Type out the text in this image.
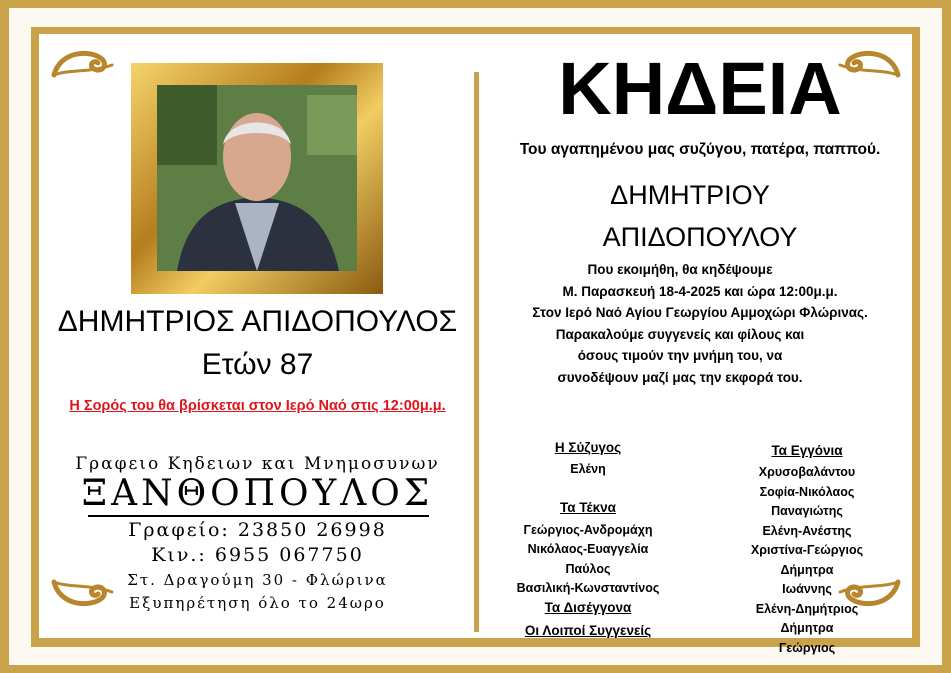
ΔΗΜΗΤΡΙΟΣ ΑΠΙΔΟΠΟΥΛΟΣ
Ετών 87
Η Σορός του θα βρίσκεται στον Ιερό Ναό στις 12:00μ.μ.
Γραφειο Κηδειων και Μνημοσυνων
ΞΑΝΘΟΠΟΥΛΟΣ
Γραφείο: 23850 26998
Κιν.: 6955 067750
Στ. Δραγούμη 30 - Φλώρινα
Εξυπηρέτηση όλο το 24ωρο
ΚΗΔΕΙΑ
Του αγαπημένου μας συζύγου, πατέρα, παππού.
ΔΗΜΗΤΡΙΟΥ
ΑΠΙΔΟΠΟΥΛΟΥ
Που εκοιμήθη, θα κηδέψουμε
Μ. Παρασκευή 18-4-2025 και ώρα 12:00μ.μ.
Στον Ιερό Ναό Αγίου Γεωργίου Αμμοχώρι Φλώρινας.
Παρακαλούμε συγγενείς και φίλους και
όσους τιμούν την μνήμη του, να
συνοδέψουν μαζί μας την εκφορά του.
Η Σύζυγος
Ελένη
Τα Τέκνα
Γεώργιος-Ανδρομάχη
Νικόλαος-Ευαγγελία
Παύλος
Βασιλική-Κωνσταντίνος
Τα Δισέγγονα
Οι Λοιποί Συγγενείς
Τα Εγγόνια
Χρυσοβαλάντου
Σοφία-Νικόλαος
Παναγιώτης
Ελένη-Ανέστης
Χριστίνα-Γεώργιος
Δήμητρα
Ιωάννης
Ελένη-Δημήτριος
Δήμητρα
Γεώργιος
